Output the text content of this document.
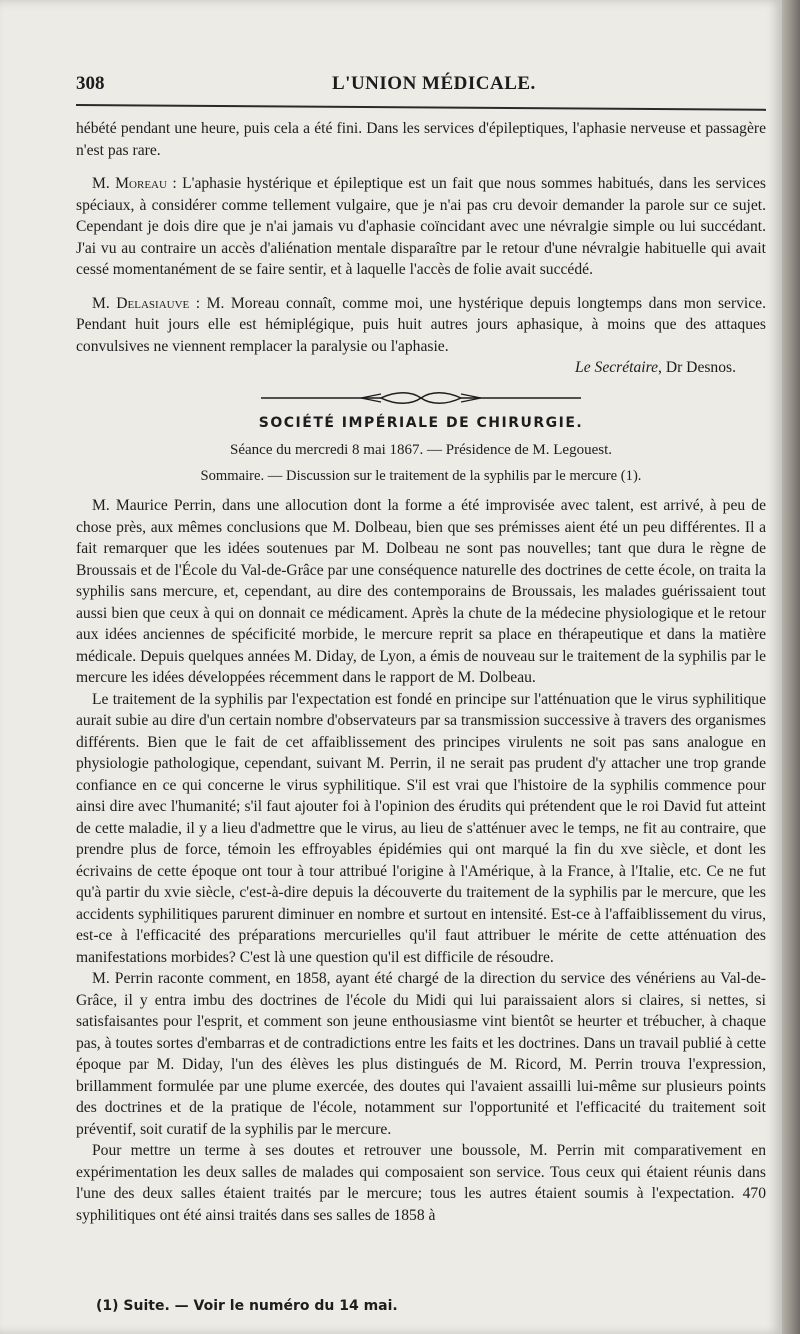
308	L'UNION MÉDICALE.

hébété pendant une heure, puis cela a été fini. Dans les services d'épileptiques, l'aphasie nerveuse et passagère n'est pas rare.

M. Moreau : L'aphasie hystérique et épileptique est un fait que nous sommes habitués, dans les services spéciaux, à considérer comme tellement vulgaire, que je n'ai pas cru devoir demander la parole sur ce sujet. Cependant je dois dire que je n'ai jamais vu d'aphasie coïncidant avec une névralgie simple ou lui succédant. J'ai vu au contraire un accès d'aliénation mentale disparaître par le retour d'une névralgie habituelle qui avait cessé momentanément de se faire sentir, et à laquelle l'accès de folie avait succédé.

M. Delasiauve : M. Moreau connaît, comme moi, une hystérique depuis longtemps dans mon service. Pendant huit jours elle est hémiplégique, puis huit autres jours aphasique, à moins que des attaques convulsives ne viennent remplacer la paralysie ou l'aphasie.

Le Secrétaire, Dr Desnos.

SOCIÉTÉ IMPÉRIALE DE CHIRURGIE.
Séance du mercredi 8 mai 1867. — Présidence de M. Legouest.
Sommaire. — Discussion sur le traitement de la syphilis par le mercure (1).

M. Maurice Perrin, dans une allocution dont la forme a été improvisée avec talent, est arrivé, à peu de chose près, aux mêmes conclusions que M. Dolbeau, bien que ses prémisses aient été un peu différentes. Il a fait remarquer que les idées soutenues par M. Dolbeau ne sont pas nouvelles; tant que dura le règne de Broussais et de l'École du Val-de-Grâce par une conséquence naturelle des doctrines de cette école, on traita la syphilis sans mercure, et, cependant, au dire des contemporains de Broussais, les malades guérissaient tout aussi bien que ceux à qui on donnait ce médicament. Après la chute de la médecine physiologique et le retour aux idées anciennes de spécificité morbide, le mercure reprit sa place en thérapeutique et dans la matière médicale. Depuis quelques années M. Diday, de Lyon, a émis de nouveau sur le traitement de la syphilis par le mercure les idées développées récemment dans le rapport de M. Dolbeau.

Le traitement de la syphilis par l'expectation est fondé en principe sur l'atténuation que le virus syphilitique aurait subie au dire d'un certain nombre d'observateurs par sa transmission successive à travers des organismes différents. Bien que le fait de cet affaiblissement des principes virulents ne soit pas sans analogue en physiologie pathologique, cependant, suivant M. Perrin, il ne serait pas prudent d'y attacher une trop grande confiance en ce qui concerne le virus syphilitique. S'il est vrai que l'histoire de la syphilis commence pour ainsi dire avec l'humanité; s'il faut ajouter foi à l'opinion des érudits qui prétendent que le roi David fut atteint de cette maladie, il y a lieu d'admettre que le virus, au lieu de s'atténuer avec le temps, ne fit au contraire, que prendre plus de force, témoin les effroyables épidémies qui ont marqué la fin du xve siècle, et dont les écrivains de cette époque ont tour à tour attribué l'origine à l'Amérique, à la France, à l'Italie, etc. Ce ne fut qu'à partir du xvie siècle, c'est-à-dire depuis la découverte du traitement de la syphilis par le mercure, que les accidents syphilitiques parurent diminuer en nombre et surtout en intensité. Est-ce à l'affaiblissement du virus, est-ce à l'efficacité des préparations mercurielles qu'il faut attribuer le mérite de cette atténuation des manifestations morbides? C'est là une question qu'il est difficile de résoudre.

M. Perrin raconte comment, en 1858, ayant été chargé de la direction du service des vénériens au Val-de-Grâce, il y entra imbu des doctrines de l'école du Midi qui lui paraissaient alors si claires, si nettes, si satisfaisantes pour l'esprit, et comment son jeune enthousiasme vint bientôt se heurter et trébucher, à chaque pas, à toutes sortes d'embarras et de contradictions entre les faits et les doctrines. Dans un travail publié à cette époque par M. Diday, l'un des élèves les plus distingués de M. Ricord, M. Perrin trouva l'expression, brillamment formulée par une plume exercée, des doutes qui l'avaient assailli lui-même sur plusieurs points des doctrines et de la pratique de l'école, notamment sur l'opportunité et l'efficacité du traitement soit préventif, soit curatif de la syphilis par le mercure.

Pour mettre un terme à ses doutes et retrouver une boussole, M. Perrin mit comparativement en expérimentation les deux salles de malades qui composaient son service. Tous ceux qui étaient réunis dans l'une des deux salles étaient traités par le mercure; tous les autres étaient soumis à l'expectation. 470 syphilitiques ont été ainsi traités dans ses salles de 1858 à

(1) Suite. — Voir le numéro du 14 mai.
